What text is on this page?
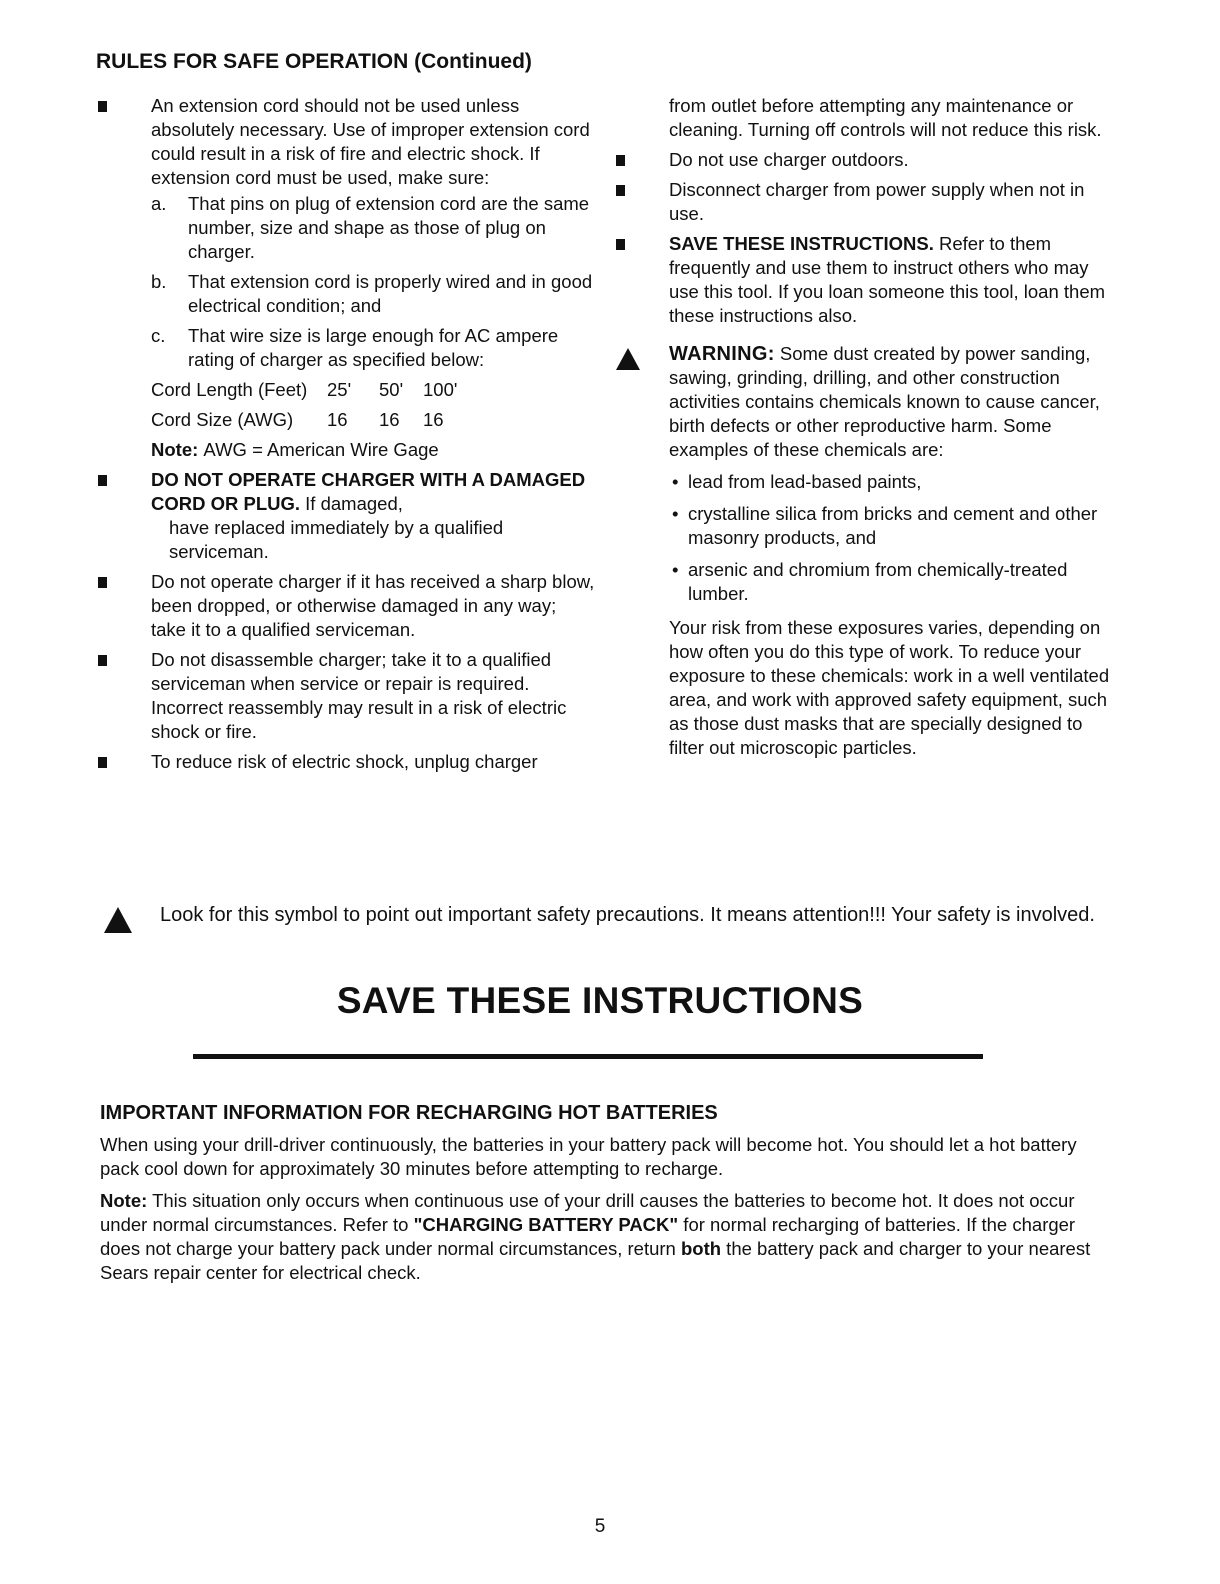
RULES FOR SAFE OPERATION (Continued)
An extension cord should not be used unless absolutely necessary. Use of improper extension cord could result in a risk of fire and electric shock. If extension cord must be used, make sure:
a. That pins on plug of extension cord are the same number, size and shape as those of plug on charger.
b. That extension cord is properly wired and in good electrical condition; and
c. That wire size is large enough for AC ampere rating of charger as specified below:
Cord Length (Feet) 25' 50' 100'
Cord Size (AWG) 16 16 16
Note: AWG = American Wire Gage
DO NOT OPERATE CHARGER WITH A DAMAGED CORD OR PLUG. If damaged,
have replaced immediately by a qualified serviceman.
Do not operate charger if it has received a sharp blow, been dropped, or otherwise damaged in any way; take it to a qualified serviceman.
Do not disassemble charger; take it to a qualified serviceman when service or repair is required. Incorrect reassembly may result in a risk of electric shock or fire.
To reduce risk of electric shock, unplug charger
from outlet before attempting any maintenance or cleaning. Turning off controls will not reduce this risk.
Do not use charger outdoors.
Disconnect charger from power supply when not in use.
SAVE THESE INSTRUCTIONS. Refer to them frequently and use them to instruct others who may use this tool. If you loan someone this tool, loan them these instructions also.
WARNING: Some dust created by power sanding, sawing, grinding, drilling, and other construction activities contains chemicals known to cause cancer, birth defects or other reproductive harm. Some examples of these chemicals are:
• lead from lead-based paints,
• crystalline silica from bricks and cement and other masonry products, and
• arsenic and chromium from chemically-treated lumber.
Your risk from these exposures varies, depending on how often you do this type of work. To reduce your exposure to these chemicals: work in a well ventilated area, and work with approved safety equipment, such as those dust masks that are specially designed to filter out microscopic particles.
Look for this symbol to point out important safety precautions. It means attention!!! Your safety is involved.
SAVE THESE INSTRUCTIONS
IMPORTANT INFORMATION FOR RECHARGING HOT BATTERIES

When using your drill-driver continuously, the batteries in your battery pack will become hot. You should let a hot battery pack cool down for approximately 30 minutes before attempting to recharge.

Note: This situation only occurs when continuous use of your drill causes the batteries to become hot. It does not occur under normal circumstances. Refer to "CHARGING BATTERY PACK" for normal recharging of batteries. If the charger does not charge your battery pack under normal circumstances, return both the battery pack and charger to your nearest Sears repair center for electrical check.

5
